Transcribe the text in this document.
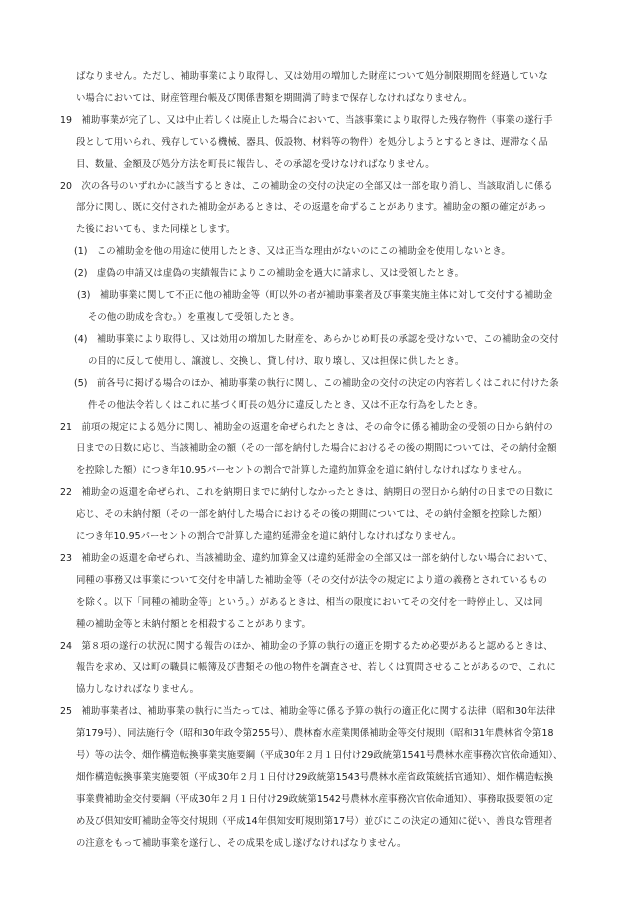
ばなりません。ただし、補助事業により取得し、又は効用の増加した財産について処分制限期間を経過していな
い場合においては、財産管理台帳及び関係書類を期間満了時まで保存しなければなりません。
19　補助事業が完了し、又は中止若しくは廃止した場合において、当該事業により取得した残存物件（事業の遂行手
段として用いられ、残存している機械、器具、仮設物、材料等の物件）を処分しようとするときは、遅滞なく品
目、数量、金額及び処分方法を町長に報告し、その承認を受けなければなりません。
20　次の各号のいずれかに該当するときは、この補助金の交付の決定の全部又は一部を取り消し、当該取消しに係る
部分に関し、既に交付された補助金があるときは、その返還を命ずることがあります。補助金の額の確定があっ
た後においても、また同様とします。
(1)　この補助金を他の用途に使用したとき、又は正当な理由がないのにこの補助金を使用しないとき。
(2)　虚偽の申請又は虚偽の実績報告によりこの補助金を過大に請求し、又は受領したとき。
(3)　補助事業に関して不正に他の補助金等（町以外の者が補助事業者及び事業実施主体に対して交付する補助金
その他の助成を含む。）を重複して受領したとき。
(4)　補助事業により取得し、又は効用の増加した財産を、あらかじめ町長の承認を受けないで、この補助金の交付
の目的に反して使用し、譲渡し、交換し、貸し付け、取り壊し、又は担保に供したとき。
(5)　前各号に掲げる場合のほか、補助事業の執行に関し、この補助金の交付の決定の内容若しくはこれに付けた条
件その他法令若しくはこれに基づく町長の処分に違反したとき、又は不正な行為をしたとき。
21　前項の規定による処分に関し、補助金の返還を命ぜられたときは、その命令に係る補助金の受領の日から納付の
日までの日数に応じ、当該補助金の額（その一部を納付した場合におけるその後の期間については、その納付金額
を控除した額）につき年10.95パーセントの割合で計算した違約加算金を道に納付しなければなりません。
22　補助金の返還を命ぜられ、これを納期日までに納付しなかったときは、納期日の翌日から納付の日までの日数に
応じ、その未納付額（その一部を納付した場合におけるその後の期間については、その納付金額を控除した額）
につき年10.95パーセントの割合で計算した違約延滞金を道に納付しなければなりません。
23　補助金の返還を命ぜられ、当該補助金、違約加算金又は違約延滞金の全部又は一部を納付しない場合において、
同種の事務又は事業について交付を申請した補助金等（その交付が法令の規定により道の義務とされているもの
を除く。以下「同種の補助金等」という。）があるときは、相当の限度においてその交付を一時停止し、又は同
種の補助金等と未納付額とを相殺することがあります。
24　第８項の遂行の状況に関する報告のほか、補助金の予算の執行の適正を期するため必要があると認めるときは、
報告を求め、又は町の職員に帳簿及び書類その他の物件を調査させ、若しくは質問させることがあるので、これに
協力しなければなりません。
25　補助事業者は、補助事業の執行に当たっては、補助金等に係る予算の執行の適正化に関する法律（昭和30年法律
第179号）、同法施行令（昭和30年政令第255号）、農林畜水産業関係補助金等交付規則（昭和31年農林省令第18
号）等の法令、畑作構造転換事業実施要綱（平成30年２月１日付け29政統第1541号農林水産事務次官依命通知）、
畑作構造転換事業実施要領（平成30年２月１日付け29政統第1543号農林水産省政策統括官通知）、畑作構造転換
事業費補助金交付要綱（平成30年２月１日付け29政統第1542号農林水産事務次官依命通知）、事務取扱要領の定
め及び倶知安町補助金等交付規則（平成14年倶知安町規則第17号）並びにこの決定の通知に従い、善良な管理者
の注意をもって補助事業を遂行し、その成果を成し遂げなければなりません。
